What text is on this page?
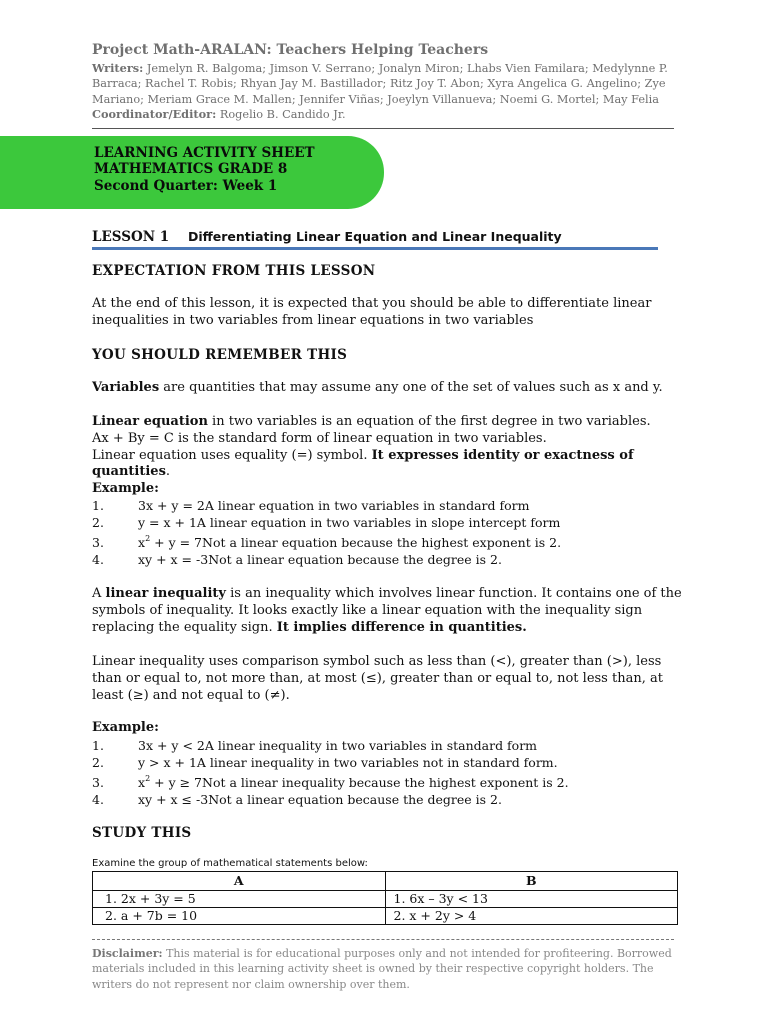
Project Math-ARALAN: Teachers Helping Teachers
Writers: Jemelyn R. Balgoma; Jimson V. Serrano; Jonalyn Miron; Lhabs Vien Familara; Medylynne P. Barraca; Rachel T. Robis; Rhyan Jay M. Bastillador; Ritz Joy T. Abon; Xyra Angelica G. Angelino; Zye Mariano; Meriam Grace M. Mallen; Jennifer Viñas; Joeylyn Villanueva; Noemi G. Mortel; May Felia Coordinator/Editor: Rogelio B. Candido Jr.
LEARNING ACTIVITY SHEET
MATHEMATICS GRADE 8
Second Quarter: Week 1
LESSON 1 Differentiating Linear Equation and Linear Inequality
EXPECTATION FROM THIS LESSON
At the end of this lesson, it is expected that you should be able to differentiate linear inequalities in two variables from linear equations in two variables
YOU SHOULD REMEMBER THIS
Variables are quantities that may assume any one of the set of values such as x and y.
Linear equation in two variables is an equation of the first degree in two variables.
Ax + By = C is the standard form of linear equation in two variables.
Linear equation uses equality (=) symbol. It expresses identity or exactness of quantities.
Example:
1.	3x + y = 2A linear equation in two variables in standard form
2.	y = x + 1A linear equation in two variables in slope intercept form
3.	$x^2 + y = 7Not$ a linear equation because the highest exponent is 2.
4.	xy + x = -3Not a linear equation because the degree is 2.
A linear inequality is an inequality which involves linear function. It contains one of the symbols of inequality. It looks exactly like a linear equation with the inequality sign replacing the equality sign. It implies difference in quantities.
Linear inequality uses comparison symbol such as less than (<), greater than (>), less than or equal to, not more than, at most (≤), greater than or equal to, not less than, at least (≥) and not equal to (≠).
Example:
1.	3x + y < 2A linear inequality in two variables in standard form
2.	y > x + 1A linear inequality in two variables not in standard form.
3.	$x^2 + y \ge 7Not$ a linear inequality because the highest exponent is 2.
4.	xy + x ≤ -3Not a linear equation because the degree is 2.
STUDY THIS
Examine the group of mathematical statements below:
A	B
1. 2x + 3y = 5	1. 6x – 3y < 13
2. a + 7b = 10	2. x + 2y > 4
Disclaimer: This material is for educational purposes only and not intended for profiteering. Borrowed materials included in this learning activity sheet is owned by their respective copyright holders. The writers do not represent nor claim ownership over them.
